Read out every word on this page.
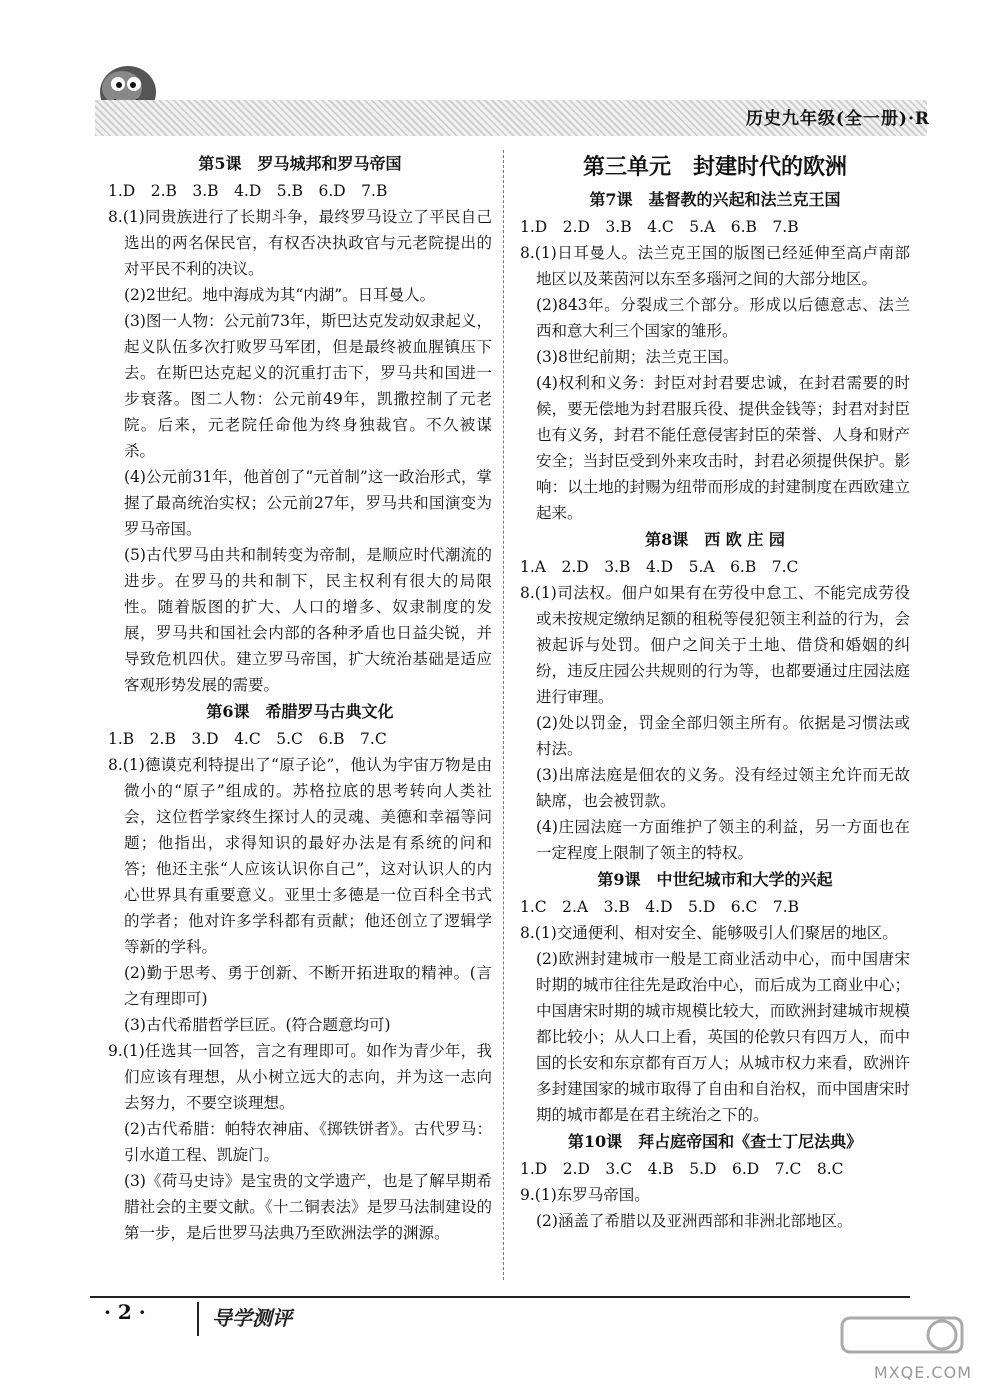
历史九年级(全一册)·R
第5课　罗马城邦和罗马帝国
1.D　2.B　3.B　4.D　5.B　6.D　7.B
8.(1)同贵族进行了长期斗争，最终罗马设立了平民自己选出的两名保民官，有权否决执政官与元老院提出的对平民不利的决议。
(2)2世纪。地中海成为其“内湖”。日耳曼人。
(3)图一人物：公元前73年，斯巴达克发动奴隶起义，起义队伍多次打败罗马军团，但是最终被血腥镇压下去。在斯巴达克起义的沉重打击下，罗马共和国进一步衰落。图二人物：公元前49年，凯撒控制了元老院。后来，元老院任命他为终身独裁官。不久被谋杀。
(4)公元前31年，他首创了“元首制”这一政治形式，掌握了最高统治实权；公元前27年，罗马共和国演变为罗马帝国。
(5)古代罗马由共和制转变为帝制，是顺应时代潮流的进步。在罗马的共和制下，民主权利有很大的局限性。随着版图的扩大、人口的增多、奴隶制度的发展，罗马共和国社会内部的各种矛盾也日益尖锐，并导致危机四伏。建立罗马帝国，扩大统治基础是适应客观形势发展的需要。
第6课　希腊罗马古典文化
1.B　2.B　3.D　4.C　5.C　6.B　7.C
8.(1)德谟克利特提出了“原子论”，他认为宇宙万物是由微小的“原子”组成的。苏格拉底的思考转向人类社会，这位哲学家终生探讨人的灵魂、美德和幸福等问题；他指出，求得知识的最好办法是有系统的问和答；他还主张“人应该认识你自己”，这对认识人的内心世界具有重要意义。亚里士多德是一位百科全书式的学者；他对许多学科都有贡献；他还创立了逻辑学等新的学科。
(2)勤于思考、勇于创新、不断开拓进取的精神。(言之有理即可)
(3)古代希腊哲学巨匠。(符合题意均可)
9.(1)任选其一回答，言之有理即可。如作为青少年，我们应该有理想，从小树立远大的志向，并为这一志向去努力，不要空谈理想。
(2)古代希腊：帕特农神庙、《掷铁饼者》。古代罗马：引水道工程、凯旋门。
(3)《荷马史诗》是宝贵的文学遗产，也是了解早期希腊社会的主要文献。《十二铜表法》是罗马法制建设的第一步，是后世罗马法典乃至欧洲法学的渊源。
第三单元　封建时代的欧洲
第7课　基督教的兴起和法兰克王国
1.D　2.D　3.B　4.C　5.A　6.B　7.B
8.(1)日耳曼人。法兰克王国的版图已经延伸至高卢南部地区以及莱茵河以东至多瑙河之间的大部分地区。
(2)843年。分裂成三个部分。形成以后德意志、法兰西和意大利三个国家的雏形。
(3)8世纪前期；法兰克王国。
(4)权利和义务：封臣对封君要忠诚，在封君需要的时候，要无偿地为封君服兵役、提供金钱等；封君对封臣也有义务，封君不能任意侵害封臣的荣誉、人身和财产安全；当封臣受到外来攻击时，封君必须提供保护。影响：以土地的封赐为纽带而形成的封建制度在西欧建立起来。
第8课　西 欧 庄 园
1.A　2.D　3.B　4.D　5.A　6.B　7.C
8.(1)司法权。佃户如果有在劳役中怠工、不能完成劳役或未按规定缴纳足额的租税等侵犯领主利益的行为，会被起诉与处罚。佃户之间关于土地、借贷和婚姻的纠纷，违反庄园公共规则的行为等，也都要通过庄园法庭进行审理。
(2)处以罚金，罚金全部归领主所有。依据是习惯法或村法。
(3)出席法庭是佃农的义务。没有经过领主允许而无故缺席，也会被罚款。
(4)庄园法庭一方面维护了领主的利益，另一方面也在一定程度上限制了领主的特权。
第9课　中世纪城市和大学的兴起
1.C　2.A　3.B　4.D　5.D　6.C　7.B
8.(1)交通便利、相对安全、能够吸引人们聚居的地区。
(2)欧洲封建城市一般是工商业活动中心，而中国唐宋时期的城市往往先是政治中心，而后成为工商业中心；中国唐宋时期的城市规模比较大，而欧洲封建城市规模都比较小；从人口上看，英国的伦敦只有四万人，而中国的长安和东京都有百万人；从城市权力来看，欧洲许多封建国家的城市取得了自由和自治权，而中国唐宋时期的城市都是在君主统治之下的。
第10课　拜占庭帝国和《查士丁尼法典》
1.D　2.D　3.C　4.B　5.D　6.D　7.C　8.C
9.(1)东罗马帝国。
(2)涵盖了希腊以及亚洲西部和非洲北部地区。
· 2 ·	导学测评
MXQE.COM
